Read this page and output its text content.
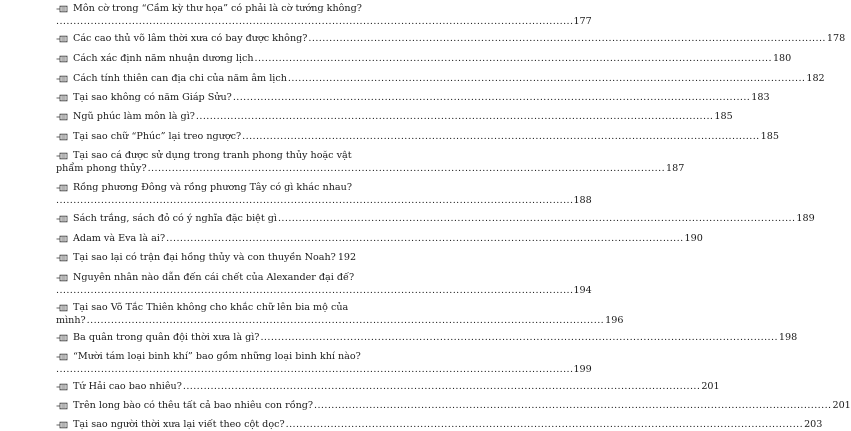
Môn cờ trong “Cầm kỳ thư họa” có phải là cờ tướng không?
...................................................................................................................................................... 177
Các cao thủ võ lâm thời xưa có bay được không? ...................................................................................................................................................... 178
Cách xác định năm nhuận dương lịch ...................................................................................................................................................... 180
Cách tính thiên can địa chi của năm âm lịch ...................................................................................................................................................... 182
Tại sao không có năm Giáp Sửu? ...................................................................................................................................................... 183
Ngũ phúc làm môn là gì? ...................................................................................................................................................... 185
Tại sao chữ “Phúc” lại treo ngược? ...................................................................................................................................................... 185
Tại sao cá được sử dụng trong tranh phong thủy hoặc vật
phẩm phong thủy? ...................................................................................................................................................... 187
Rồng phương Đông và rồng phương Tây có gì khác nhau?
...................................................................................................................................................... 188
Sách trắng, sách đỏ có ý nghĩa đặc biệt gì ...................................................................................................................................................... 189
Adam và Eva là ai? ...................................................................................................................................................... 190
Tại sao lại có trận đại hồng thủy và con thuyền Noah? 192
Nguyên nhân nào dẫn đến cái chết của Alexander đại đế?
...................................................................................................................................................... 194
Tại sao Võ Tắc Thiên không cho khắc chữ lên bia mộ của
mình? ...................................................................................................................................................... 196
Ba quân trong quân đội thời xưa là gì? ...................................................................................................................................................... 198
“Mười tám loại binh khí” bao gồm những loại binh khí nào?
...................................................................................................................................................... 199
Tứ Hải cao bao nhiêu? ...................................................................................................................................................... 201
Trên long bào có thêu tất cả bao nhiêu con rồng? ...................................................................................................................................................... 201
Tại sao người thời xưa lại viết theo cột dọc? ...................................................................................................................................................... 203
